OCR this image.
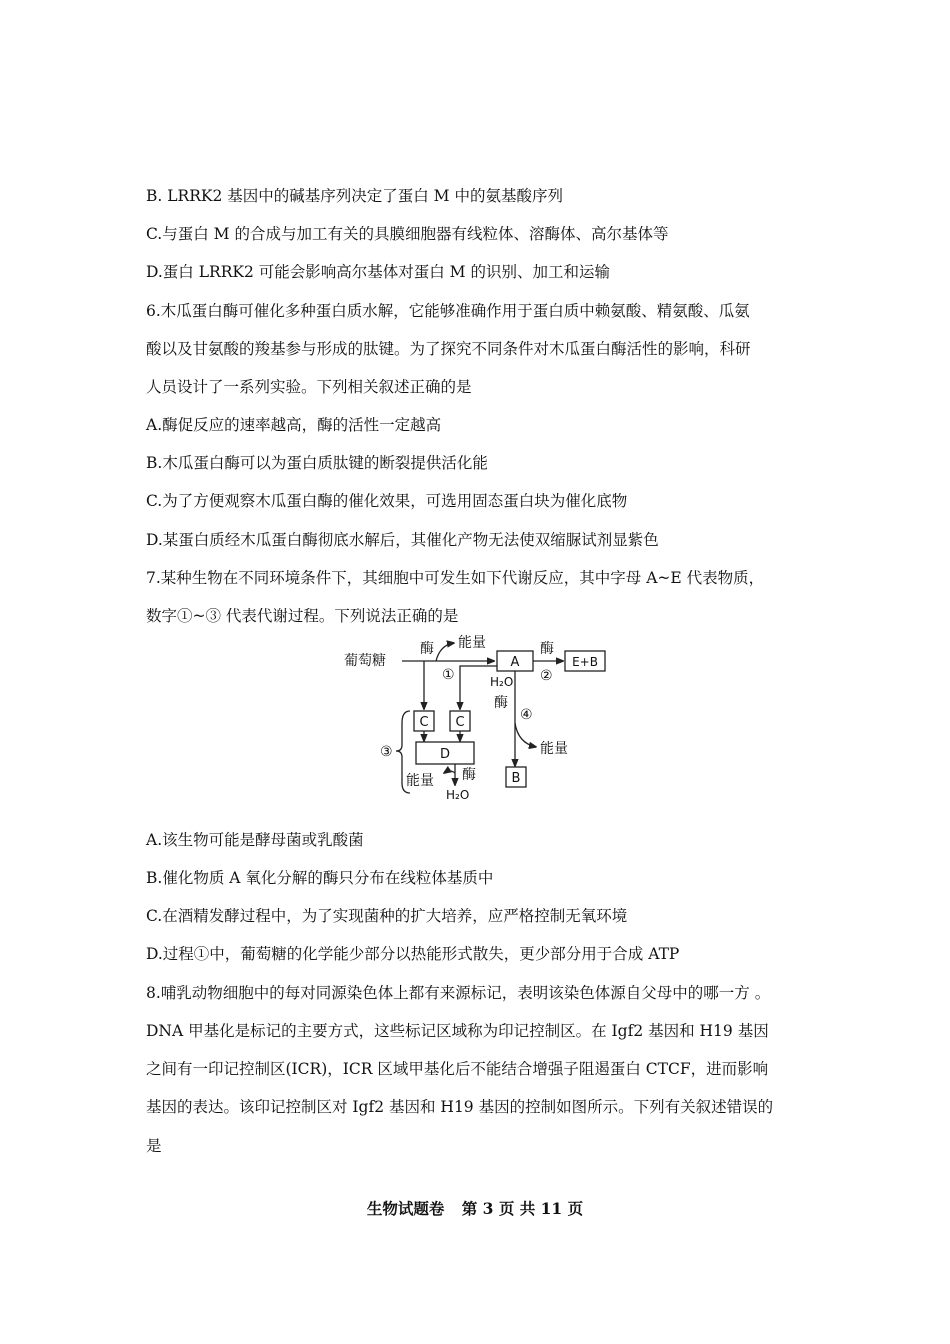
B. LRRK2 基因中的碱基序列决定了蛋白 M 中的氨基酸序列
C.与蛋白 M 的合成与加工有关的具膜细胞器有线粒体、溶酶体、高尔基体等
D.蛋白 LRRK2 可能会影响高尔基体对蛋白 M 的识别、加工和运输
6.木瓜蛋白酶可催化多种蛋白质水解，它能够准确作用于蛋白质中赖氨酸、精氨酸、瓜氨
酸以及甘氨酸的羧基参与形成的肽键。为了探究不同条件对木瓜蛋白酶活性的影响，科研
人员设计了一系列实验。下列相关叙述正确的是
A.酶促反应的速率越高，酶的活性一定越高
B.木瓜蛋白酶可以为蛋白质肽键的断裂提供活化能
C.为了方便观察木瓜蛋白酶的催化效果，可选用固态蛋白块为催化底物
D.某蛋白质经木瓜蛋白酶彻底水解后，其催化产物无法使双缩脲试剂显紫色
7.某种生物在不同环境条件下，其细胞中可发生如下代谢反应，其中字母 A~E 代表物质，
数字①~③ 代表代谢过程。下列说法正确的是
葡萄糖
酶 能量
①
A
酶
②
E+B
H₂O
酶
④
能量
B
C C
D
能量 酶
H₂O
③
A.该生物可能是酵母菌或乳酸菌
B.催化物质 A 氧化分解的酶只分布在线粒体基质中
C.在酒精发酵过程中，为了实现菌种的扩大培养，应严格控制无氧环境
D.过程①中，葡萄糖的化学能少部分以热能形式散失，更少部分用于合成 ATP
8.哺乳动物细胞中的每对同源染色体上都有来源标记，表明该染色体源自父母中的哪一方 。
DNA 甲基化是标记的主要方式，这些标记区域称为印记控制区。在 Igf2 基因和 H19 基因
之间有一印记控制区(ICR)，ICR 区域甲基化后不能结合增强子阻遏蛋白 CTCF，进而影响
基因的表达。该印记控制区对 Igf2 基因和 H19 基因的控制如图所示。下列有关叙述错误的
是
生物试题卷 第 3 页 共 11 页
